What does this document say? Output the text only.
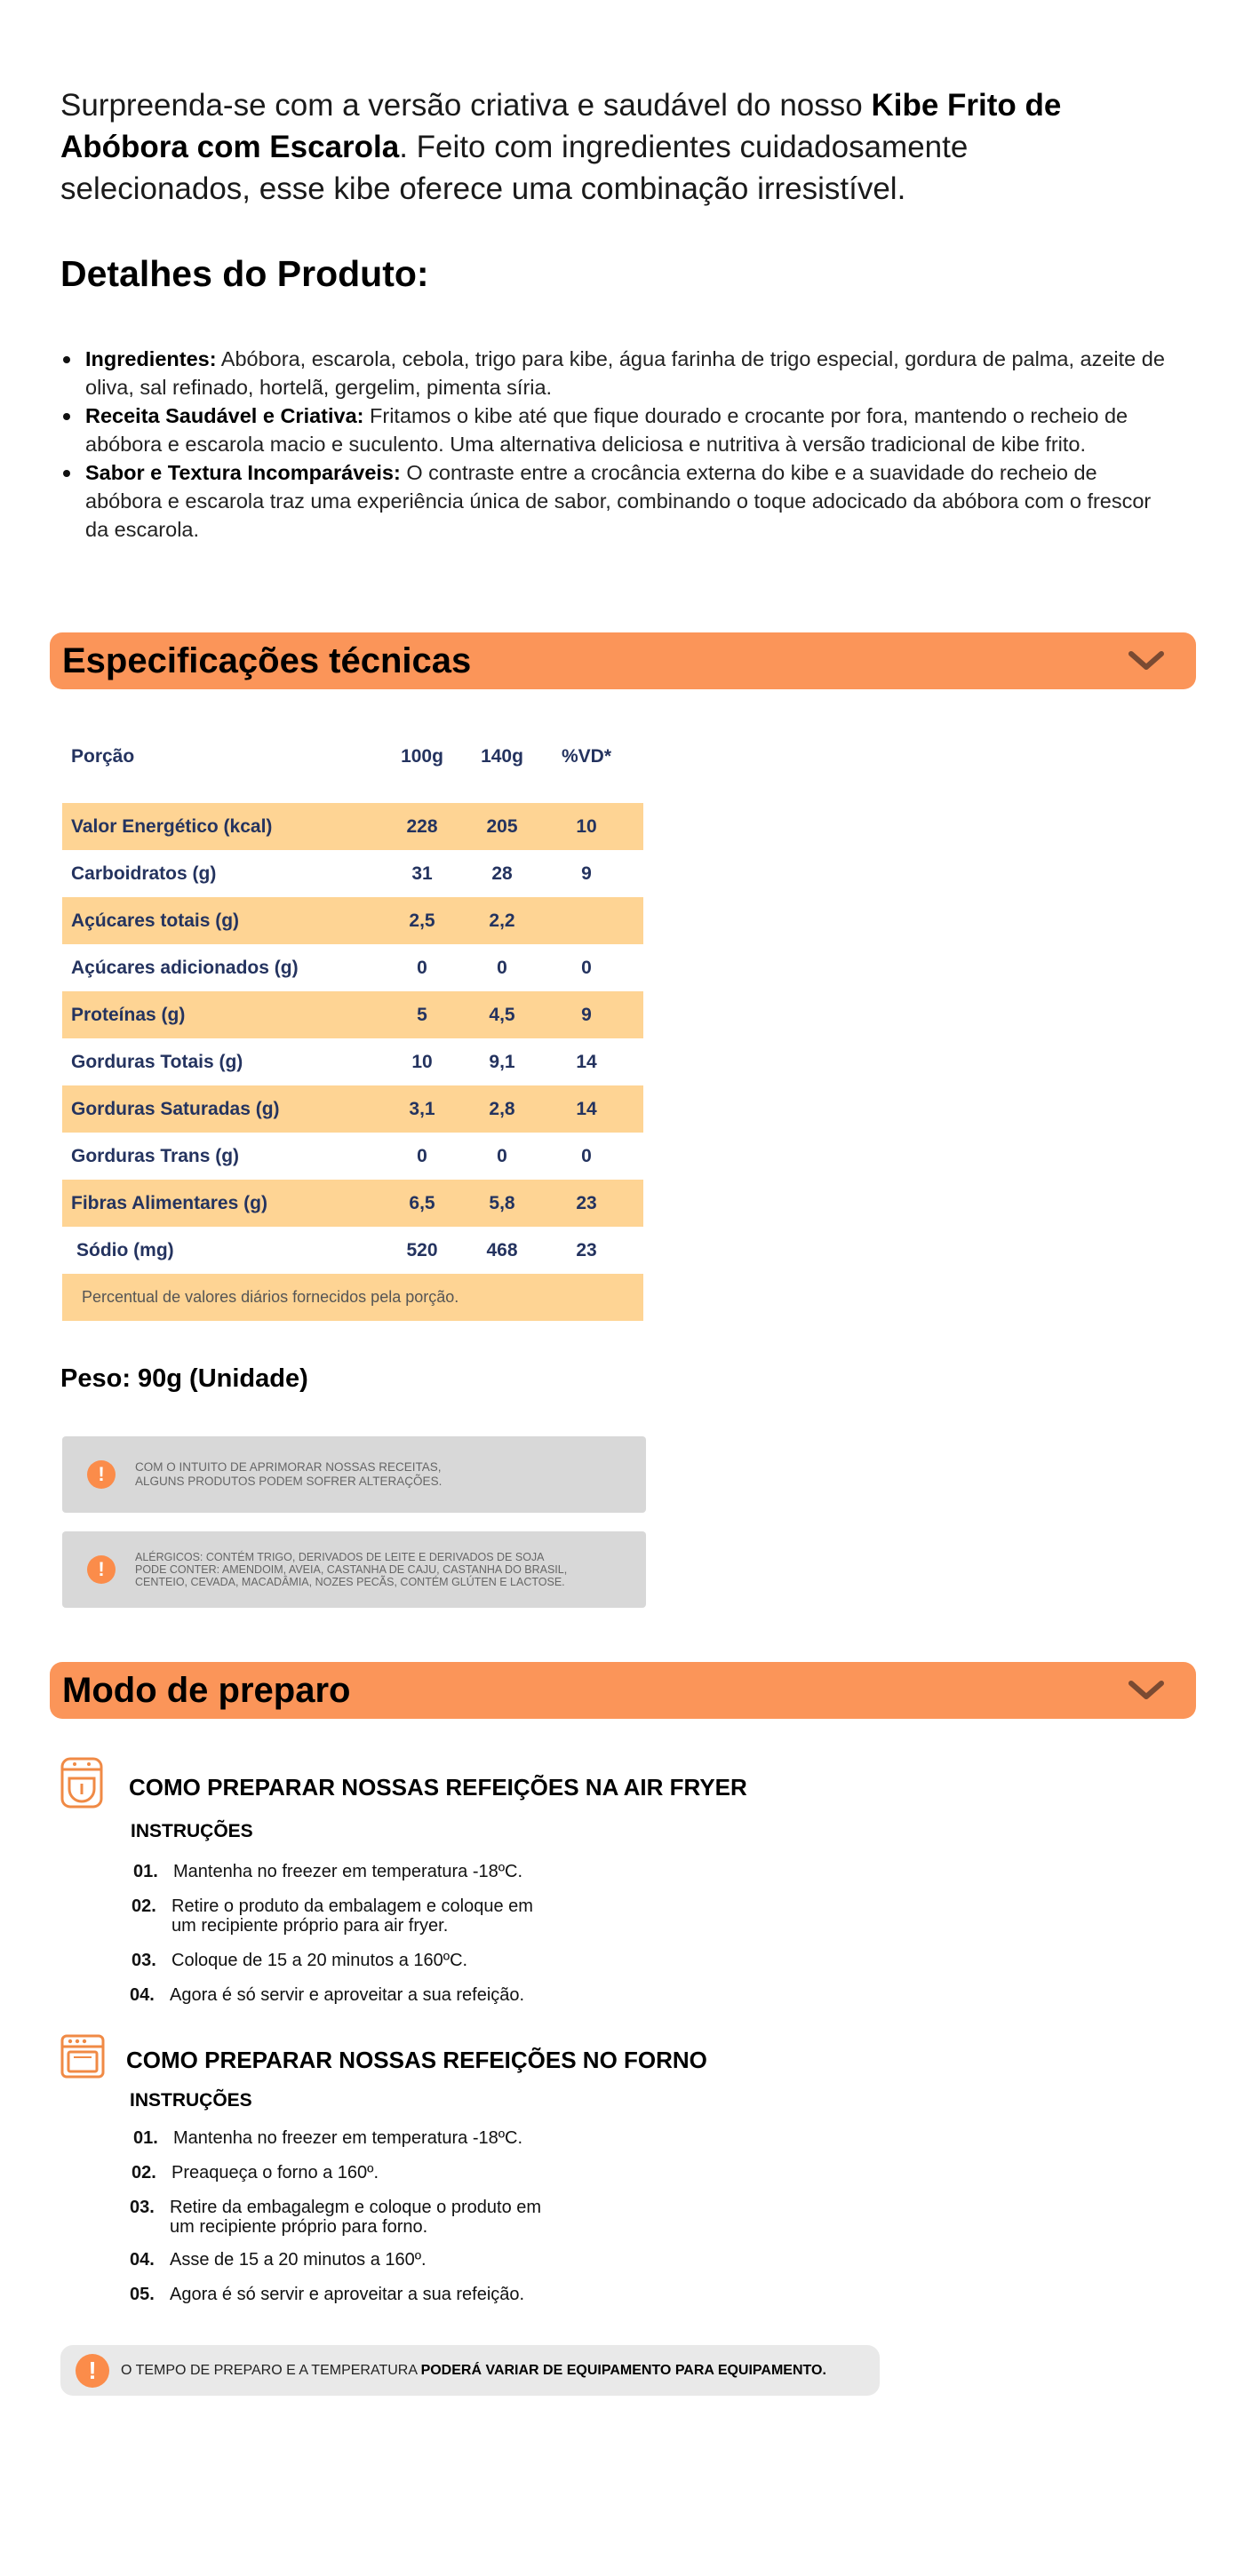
Surpreenda-se com a versão criativa e saudável do nosso Kibe Frito de Abóbora com Escarola. Feito com ingredientes cuidadosamente selecionados, esse kibe oferece uma combinação irresistível.

Detalhes do Produto:
Ingredientes: Abóbora, escarola, cebola, trigo para kibe, água farinha de trigo especial, gordura de palma, azeite de oliva, sal refinado, hortelã, gergelim, pimenta síria.
Receita Saudável e Criativa: Fritamos o kibe até que fique dourado e crocante por fora, mantendo o recheio de abóbora e escarola macio e suculento. Uma alternativa deliciosa e nutritiva à versão tradicional de kibe frito.
Sabor e Textura Incomparáveis: O contraste entre a crocância externa do kibe e a suavidade do recheio de abóbora e escarola traz uma experiência única de sabor, combinando o toque adocicado da abóbora com o frescor da escarola.
Especificações técnicas
Porção	100g	140g	%VD*
Valor Energético (kcal)	228	205	10
Carboidratos (g)	31	28	9
Açúcares totais (g)	2,5	2,2
Açúcares adicionados (g)	0	0	0
Proteínas (g)	5	4,5	9
Gorduras Totais (g)	10	9,1	14
Gorduras Saturadas (g)	3,1	2,8	14
Gorduras Trans (g)	0	0	0
Fibras Alimentares (g)	6,5	5,8	23
Sódio (mg)	520	468	23
Percentual de valores diários fornecidos pela porção.
Peso: 90g (Unidade)
!	COM O INTUITO DE APRIMORAR NOSSAS RECEITAS,
ALGUNS PRODUTOS PODEM SOFRER ALTERAÇÕES.
!
ALÉRGICOS: CONTÉM TRIGO, DERIVADOS DE LEITE E DERIVADOS DE SOJA
PODE CONTER: AMENDOIM, AVEIA, CASTANHA DE CAJU, CASTANHA DO BRASIL,
CENTEIO, CEVADA, MACADÂMIA, NOZES PECÃS, CONTÉM GLÚTEN E LACTOSE.
Modo de preparo
COMO PREPARAR NOSSAS REFEIÇÕES NA AIR FRYER
INSTRUÇÕES
01. Mantenha no freezer em temperatura -18ºC.
02. Retire o produto da embalagem e coloque em
um recipiente próprio para air fryer.
03. Coloque de 15 a 20 minutos a 160ºC.
04. Agora é só servir e aproveitar a sua refeição.
COMO PREPARAR NOSSAS REFEIÇÕES NO FORNO
INSTRUÇÕES
01. Mantenha no freezer em temperatura -18ºC.
02. Preaqueça o forno a 160º.
03. Retire da embagalegm e coloque o produto em
um recipiente próprio para forno.
04. Asse de 15 a 20 minutos a 160º.
05. Agora é só servir e aproveitar a sua refeição.
!	O TEMPO DE PREPARO E A TEMPERATURA PODERÁ VARIAR DE EQUIPAMENTO PARA EQUIPAMENTO.
